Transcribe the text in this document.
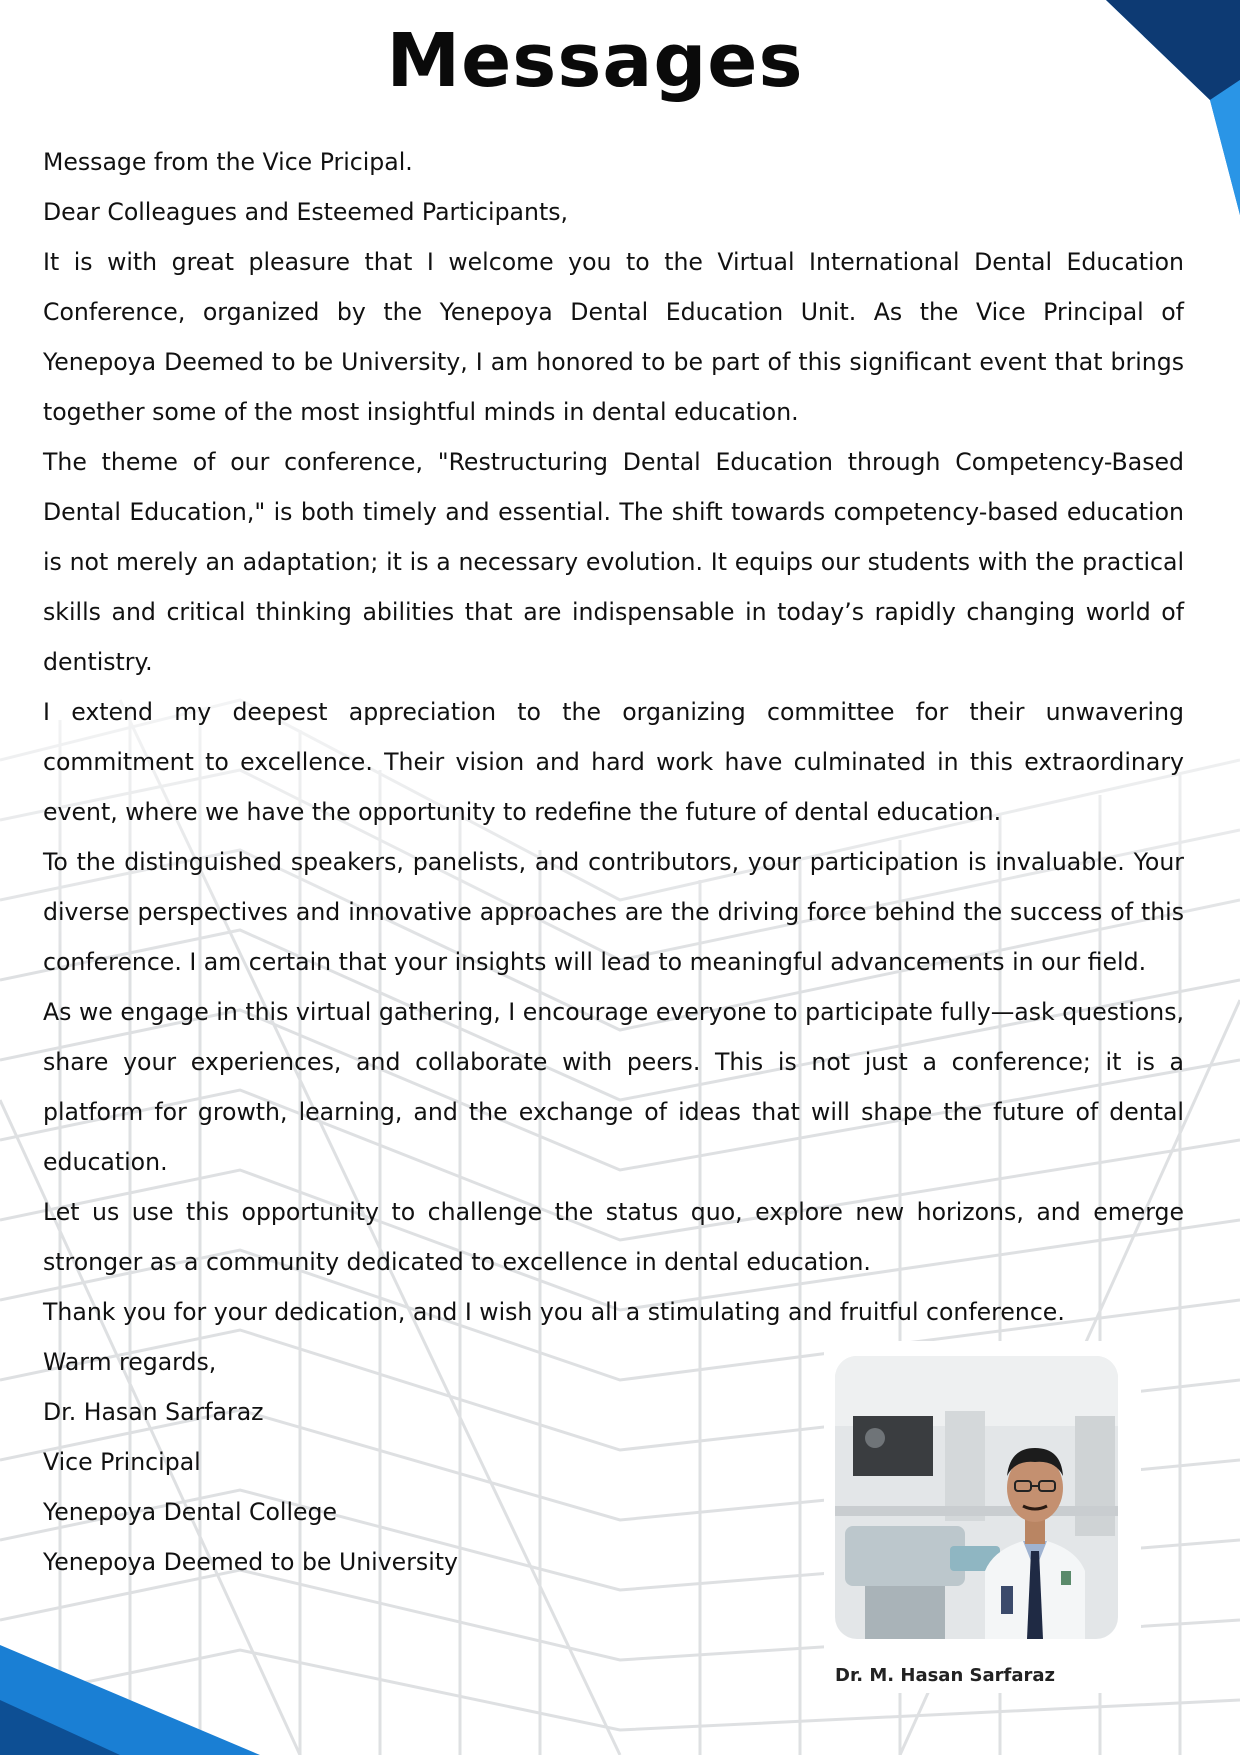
Messages

Message from the Vice Pricipal.

Dear Colleagues and Esteemed Participants,

It is with great pleasure that I welcome you to the Virtual International Dental Education Conference, organized by the Yenepoya Dental Education Unit. As the Vice Principal of Yenepoya Deemed to be University, I am honored to be part of this significant event that brings together some of the most insightful minds in dental education.

The theme of our conference, "Restructuring Dental Education through Competency-Based Dental Education," is both timely and essential. The shift towards competency-based education is not merely an adaptation; it is a necessary evolution. It equips our students with the practical skills and critical thinking abilities that are indispensable in today’s rapidly changing world of dentistry.

I extend my deepest appreciation to the organizing committee for their unwavering commitment to excellence. Their vision and hard work have culminated in this extraordinary event, where we have the opportunity to redefine the future of dental education.

To the distinguished speakers, panelists, and contributors, your participation is invaluable. Your diverse perspectives and innovative approaches are the driving force behind the success of this conference. I am certain that your insights will lead to meaningful advancements in our field.

As we engage in this virtual gathering, I encourage everyone to participate fully—ask questions, share your experiences, and collaborate with peers. This is not just a conference; it is a platform for growth, learning, and the exchange of ideas that will shape the future of dental education.

Let us use this opportunity to challenge the status quo, explore new horizons, and emerge stronger as a community dedicated to excellence in dental education.

Thank you for your dedication, and I wish you all a stimulating and fruitful conference.

Warm regards,

Dr. Hasan Sarfaraz

Vice Principal

Yenepoya Dental College

Yenepoya Deemed to be University

Dr. M. Hasan Sarfaraz
